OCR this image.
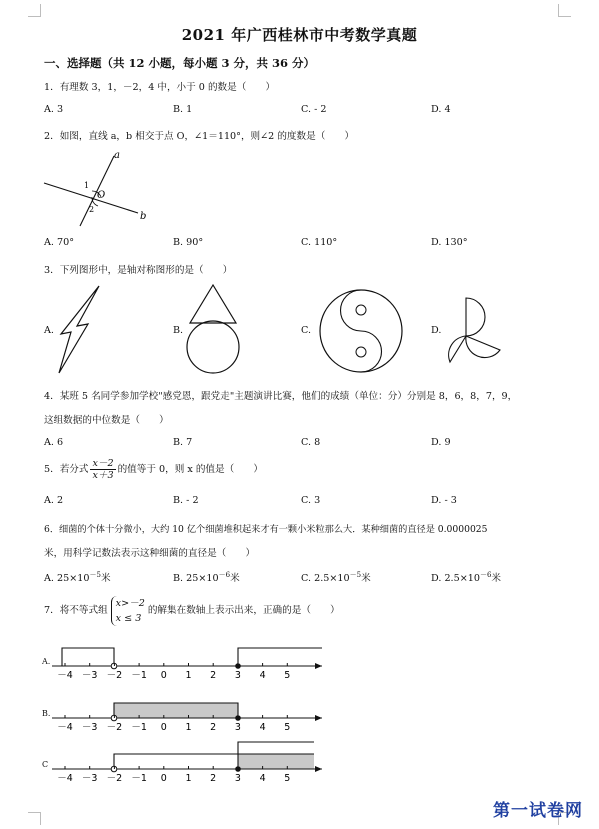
2021 年广西桂林市中考数学真题
一、选择题（共 12 小题，每小题 3 分，共 36 分）
1．有理数 3，1，－2，4 中，小于 0 的数是（　　）
A. 3	B. 1	C. - 2	D. 4
2．如图，直线 a，b 相交于点 O，∠1＝110°，则∠2 的度数是（　　）
a
b
1
2
O
A. 70°	B. 90°	C. 110°	D. 130°
3．下列图形中，是轴对称图形的是（　　）
A.	B.	C.	D.
4．某班 5 名同学参加学校"感党恩，跟党走"主题演讲比赛，他们的成绩（单位：分）分别是 8，6，8，7，9，
这组数据的中位数是（　　）
A. 6	B. 7	C. 8	D. 9
5．若分式 $\frac{x-2}{x+3}$ 的值等于 0，则 x 的值是（　　）
A. 2	B. - 2	C. 3	D. - 3
6．细菌的个体十分微小，大约 10 亿个细菌堆积起来才有一颗小米粒那么大．某种细菌的直径是 0.0000025
米，用科学记数法表示这种细菌的直径是（　　）
A. $25\times 10^{-5}$米	B. $25\times 10^{-6}$米	C. $2.5\times 10^{-5}$米	D. $2.5\times 10^{-6}$米
7．将不等式组
x>－2
x ≤ 3
的解集在数轴上表示出来，正确的是（　　）
A.
B.
C
－4 －3 －2 －1 0 1 2 3 4 5
－4 －3 －2 －1 0 1 2 3 4 5
－4 －3 －2 －1 0 1 2 3 4 5
第一试卷网
